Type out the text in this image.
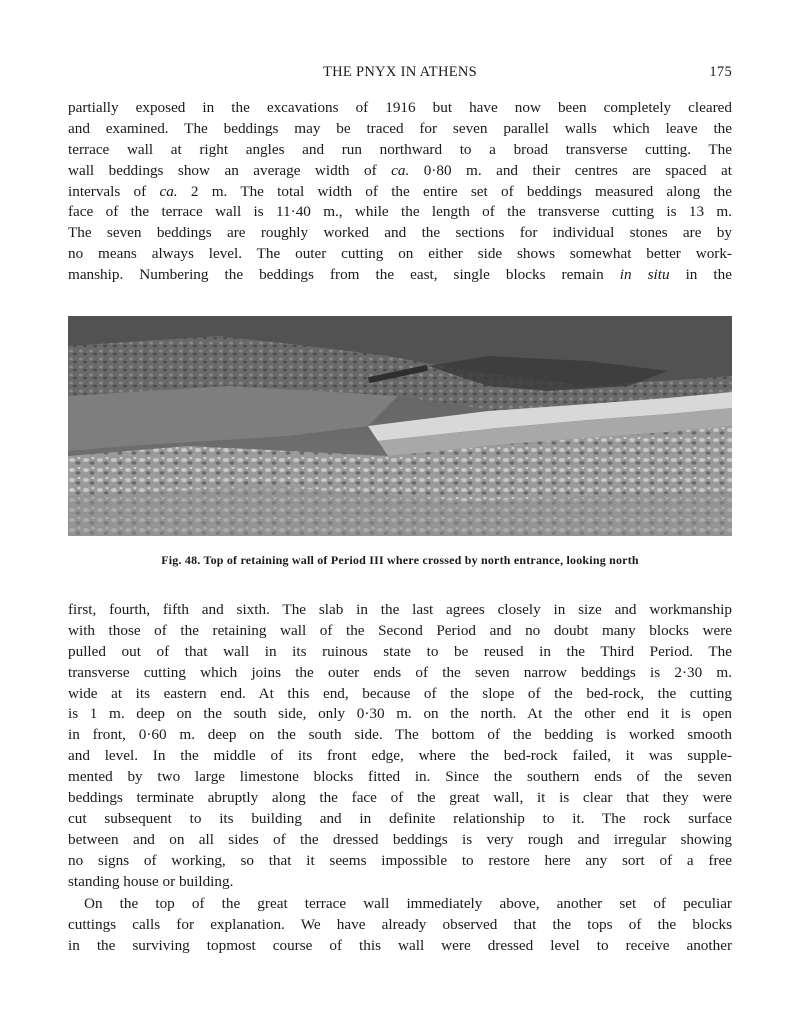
THE PNYX IN ATHENS	175
partially exposed in the excavations of 1916 but have now been completely cleared
and examined. The beddings may be traced for seven parallel walls which leave the
terrace wall at right angles and run northward to a broad transverse cutting. The
wall beddings show an average width of ca. 0·80 m. and their centres are spaced at
intervals of ca. 2 m. The total width of the entire set of beddings measured along the
face of the terrace wall is 11·40 m., while the length of the transverse cutting is 13 m.
The seven beddings are roughly worked and the sections for individual stones are by
no means always level. The outer cutting on either side shows somewhat better work-
manship. Numbering the beddings from the east, single blocks remain in situ in the
Fig. 48. Top of retaining wall of Period III where crossed by north entrance, looking north
first, fourth, fifth and sixth. The slab in the last agrees closely in size and workmanship
with those of the retaining wall of the Second Period and no doubt many blocks were
pulled out of that wall in its ruinous state to be reused in the Third Period. The
transverse cutting which joins the outer ends of the seven narrow beddings is 2·30 m.
wide at its eastern end. At this end, because of the slope of the bed-rock, the cutting
is 1 m. deep on the south side, only 0·30 m. on the north. At the other end it is open
in front, 0·60 m. deep on the south side. The bottom of the bedding is worked smooth
and level. In the middle of its front edge, where the bed-rock failed, it was supple-
mented by two large limestone blocks fitted in. Since the southern ends of the seven
beddings terminate abruptly along the face of the great wall, it is clear that they were
cut subsequent to its building and in definite relationship to it. The rock surface
between and on all sides of the dressed beddings is very rough and irregular showing
no signs of working, so that it seems impossible to restore here any sort of a free
standing house or building.
On the top of the great terrace wall immediately above, another set of peculiar
cuttings calls for explanation. We have already observed that the tops of the blocks
in the surviving topmost course of this wall were dressed level to receive another
